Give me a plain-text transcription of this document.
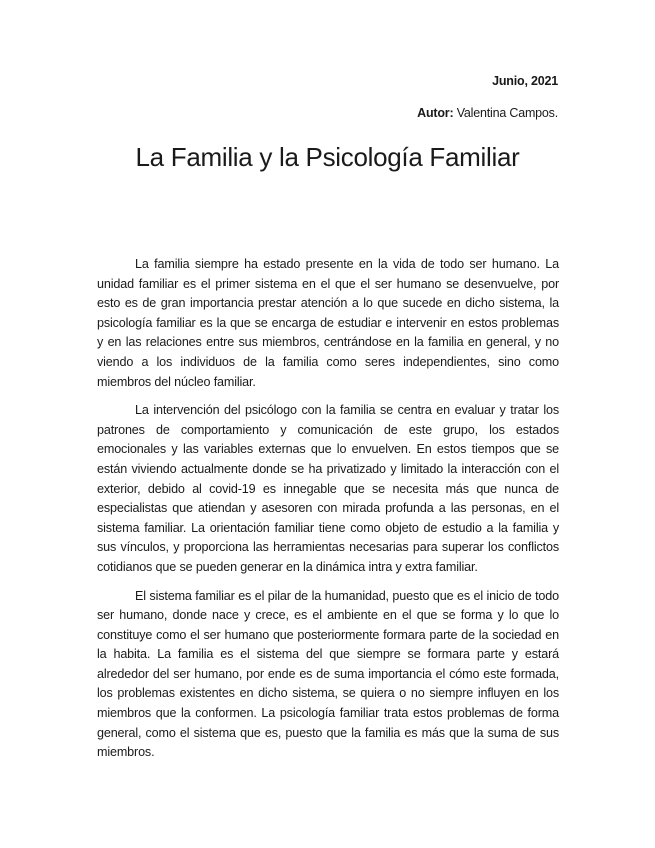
Junio, 2021
Autor: Valentina Campos.
La Familia y la Psicología Familiar

La familia siempre ha estado presente en la vida de todo ser humano. La unidad familiar es el primer sistema en el que el ser humano se desenvuelve, por esto es de gran importancia prestar atención a lo que sucede en dicho sistema, la psicología familiar es la que se encarga de estudiar e intervenir en estos problemas y en las relaciones entre sus miembros, centrándose en la familia en general, y no viendo a los individuos de la familia como seres independientes, sino como miembros del núcleo familiar.

La intervención del psicólogo con la familia se centra en evaluar y tratar los patrones de comportamiento y comunicación de este grupo, los estados emocionales y las variables externas que lo envuelven. En estos tiempos que se están viviendo actualmente donde se ha privatizado y limitado la interacción con el exterior, debido al covid-19 es innegable que se necesita más que nunca de especialistas que atiendan y asesoren con mirada profunda a las personas, en el sistema familiar. La orientación familiar tiene como objeto de estudio a la familia y sus vínculos, y proporciona las herramientas necesarias para superar los conflictos cotidianos que se pueden generar en la dinámica intra y extra familiar.

El sistema familiar es el pilar de la humanidad, puesto que es el inicio de todo ser humano, donde nace y crece, es el ambiente en el que se forma y lo que lo constituye como el ser humano que posteriormente formara parte de la sociedad en la habita. La familia es el sistema del que siempre se formara parte y estará alrededor del ser humano, por ende es de suma importancia el cómo este formada, los problemas existentes en dicho sistema, se quiera o no siempre influyen en los miembros que la conformen. La psicología familiar trata estos problemas de forma general, como el sistema que es, puesto que la familia es más que la suma de sus miembros.
